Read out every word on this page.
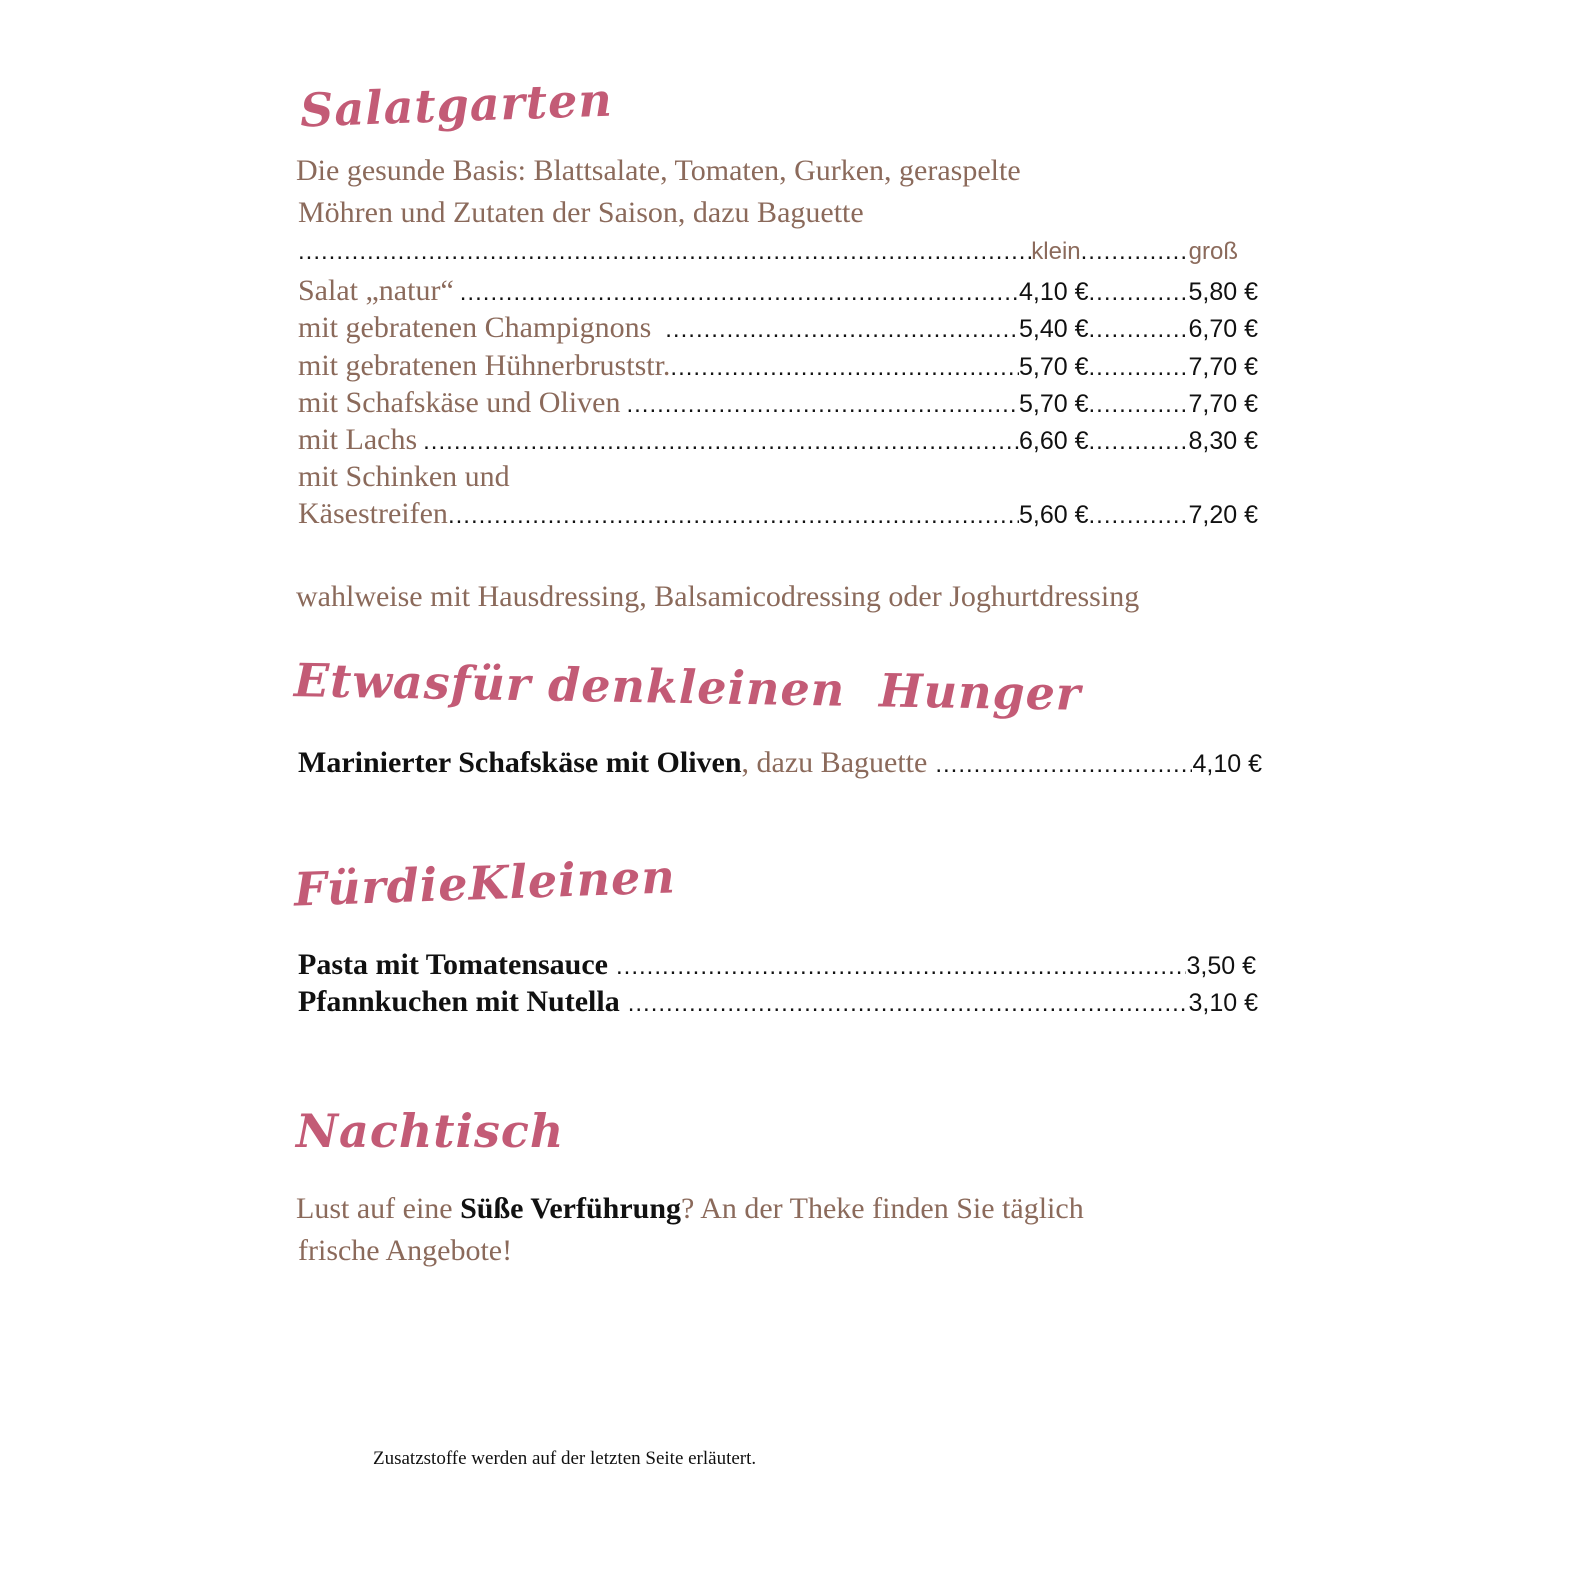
Salatgarten
Die gesunde Basis: Blattsalate, Tomaten, Gurken, geraspelte
Möhren und Zutaten der Saison, dazu Baguette
.....
klein .....	groß
Salat „natur“ .....	4,10 € .....	5,80 €
mit gebratenen Champignons .....	5,40 € .....	6,70 €
mit gebratenen Hühnerbruststr. .....	5,70 € .....	7,70 €
mit Schafskäse und Oliven .....	5,70 € .....	7,70 €
mit Lachs .....	6,60 € .....	8,30 €
mit Schinken und
Käsestreifen .....	5,60 € .....	7,20 €
wahlweise mit Hausdressing, Balsamicodressing oder Joghurtdressing
Etwasfür denkleinen  Hunger
Marinierter Schafskäse mit Oliven , dazu Baguette .....	4,10 €
FürdieKleinen
Pasta mit Tomatensauce .....	3,50 €
Pfannkuchen mit Nutella .....	3,10 €
Nachtisch
Lust auf eine Süße Verführung? An der Theke finden Sie täglich
frische Angebote!
Zusatzstoffe werden auf der letzten Seite erläutert.
